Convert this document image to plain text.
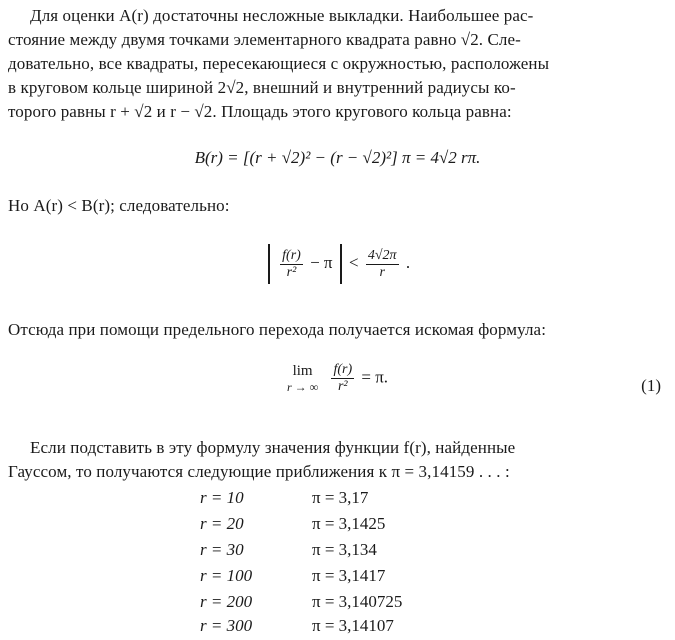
Для оценки A(r) достаточны несложные выкладки. Наибольшее рас-
стояние между двумя точками элементарного квадрата равно √2. Сле-
довательно, все квадраты, пересекающиеся с окружностью, расположены
в круговом кольце шириной 2√2, внешний и внутренний радиусы ко-
торого равны r + √2 и r − √2. Площадь этого кругового кольца равна:
B(r) = [(r + √2)² − (r − √2)²] π = 4√2 rπ.
Но A(r) < B(r); следовательно:

$\frac{f(r)}{\text{r²}} - \pi < \frac{4√2\pi}{r}$ .
Отсюда при помощи предельного перехода получается искомая формула:
lim
r → ∞
$\frac{f(r)}{\text{r²}} = \pi$.	(1)
Если подставить в эту формулу значения функции f(r), найденные
Гауссом, то получаются следующие приближения к π = 3,14159 . . . :
r = 10	π = 3,17
r = 20	π = 3,1425
r = 30	π = 3,134
r = 100	π = 3,1417
r = 200	π = 3,140725
r = 300	π = 3,14107
